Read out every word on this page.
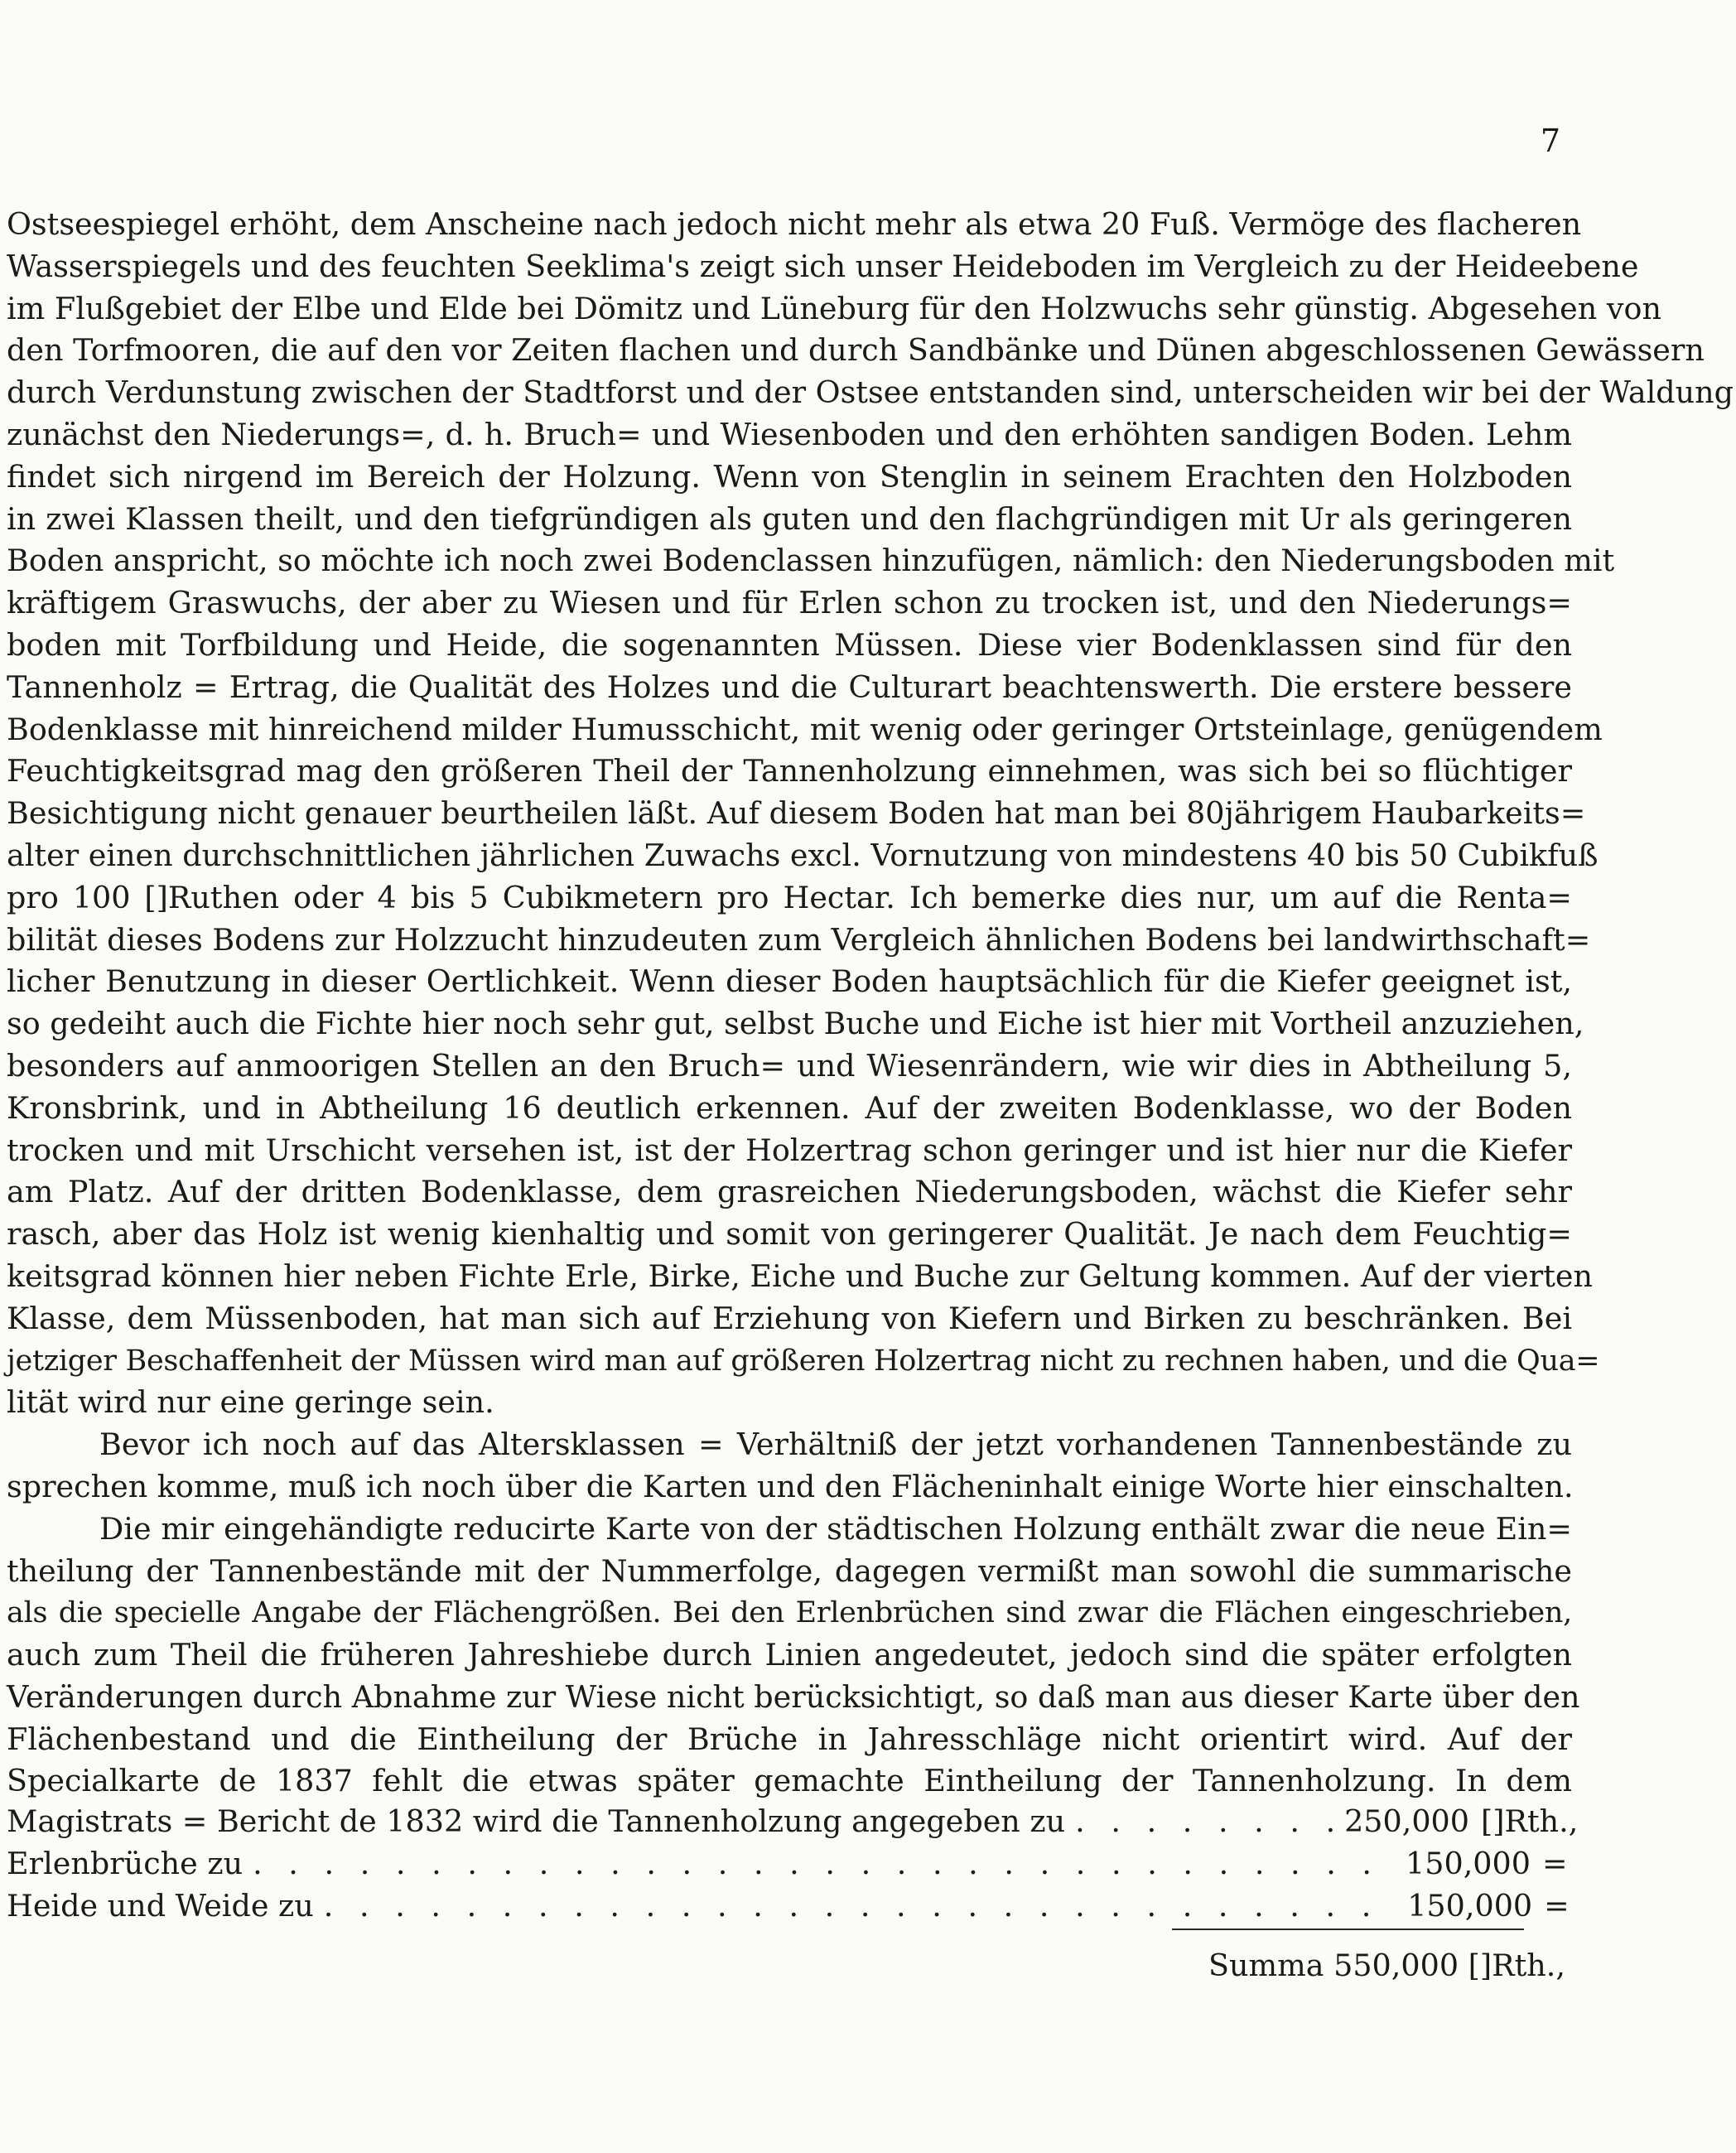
7
Ostseespiegel erhöht, dem Anscheine nach jedoch nicht mehr als etwa 20 Fuß. Vermöge des flacheren
Wasserspiegels und des feuchten Seeklima's zeigt sich unser Heideboden im Vergleich zu der Heideebene
im Flußgebiet der Elbe und Elde bei Dömitz und Lüneburg für den Holzwuchs sehr günstig. Abgesehen von
den Torfmooren, die auf den vor Zeiten flachen und durch Sandbänke und Dünen abgeschlossenen Gewässern
durch Verdunstung zwischen der Stadtforst und der Ostsee entstanden sind, unterscheiden wir bei der Waldung
zunächst den Niederungs=, d. h. Bruch= und Wiesenboden und den erhöhten sandigen Boden. Lehm
findet sich nirgend im Bereich der Holzung. Wenn von Stenglin in seinem Erachten den Holzboden
in zwei Klassen theilt, und den tiefgründigen als guten und den flachgründigen mit Ur als geringeren
Boden anspricht, so möchte ich noch zwei Bodenclassen hinzufügen, nämlich: den Niederungsboden mit
kräftigem Graswuchs, der aber zu Wiesen und für Erlen schon zu trocken ist, und den Niederungs=
boden mit Torfbildung und Heide, die sogenannten Müssen. Diese vier Bodenklassen sind für den
Tannenholz = Ertrag, die Qualität des Holzes und die Culturart beachtenswerth. Die erstere bessere
Bodenklasse mit hinreichend milder Humusschicht, mit wenig oder geringer Ortsteinlage, genügendem
Feuchtigkeitsgrad mag den größeren Theil der Tannenholzung einnehmen, was sich bei so flüchtiger
Besichtigung nicht genauer beurtheilen läßt. Auf diesem Boden hat man bei 80jährigem Haubarkeits=
alter einen durchschnittlichen jährlichen Zuwachs excl. Vornutzung von mindestens 40 bis 50 Cubikfuß
pro 100 []Ruthen oder 4 bis 5 Cubikmetern pro Hectar. Ich bemerke dies nur, um auf die Renta=
bilität dieses Bodens zur Holzzucht hinzudeuten zum Vergleich ähnlichen Bodens bei landwirthschaft=
licher Benutzung in dieser Oertlichkeit. Wenn dieser Boden hauptsächlich für die Kiefer geeignet ist,
so gedeiht auch die Fichte hier noch sehr gut, selbst Buche und Eiche ist hier mit Vortheil anzuziehen,
besonders auf anmoorigen Stellen an den Bruch= und Wiesenrändern, wie wir dies in Abtheilung 5,
Kronsbrink, und in Abtheilung 16 deutlich erkennen. Auf der zweiten Bodenklasse, wo der Boden
trocken und mit Urschicht versehen ist, ist der Holzertrag schon geringer und ist hier nur die Kiefer
am Platz. Auf der dritten Bodenklasse, dem grasreichen Niederungsboden, wächst die Kiefer sehr
rasch, aber das Holz ist wenig kienhaltig und somit von geringerer Qualität. Je nach dem Feuchtig=
keitsgrad können hier neben Fichte Erle, Birke, Eiche und Buche zur Geltung kommen. Auf der vierten
Klasse, dem Müssenboden, hat man sich auf Erziehung von Kiefern und Birken zu beschränken. Bei
jetziger Beschaffenheit der Müssen wird man auf größeren Holzertrag nicht zu rechnen haben, und die Qua=
lität wird nur eine geringe sein.
Bevor ich noch auf das Altersklassen = Verhältniß der jetzt vorhandenen Tannenbestände zu
sprechen komme, muß ich noch über die Karten und den Flächeninhalt einige Worte hier einschalten.
Die mir eingehändigte reducirte Karte von der städtischen Holzung enthält zwar die neue Ein=
theilung der Tannenbestände mit der Nummerfolge, dagegen vermißt man sowohl die summarische
als die specielle Angabe der Flächengrößen. Bei den Erlenbrüchen sind zwar die Flächen eingeschrieben,
auch zum Theil die früheren Jahreshiebe durch Linien angedeutet, jedoch sind die später erfolgten
Veränderungen durch Abnahme zur Wiese nicht berücksichtigt, so daß man aus dieser Karte über den
Flächenbestand und die Eintheilung der Brüche in Jahresschläge nicht orientirt wird. Auf der
Specialkarte de 1837 fehlt die etwas später gemachte Eintheilung der Tannenholzung. In dem
Magistrats = Bericht de 1832 wird die Tannenholzung angegeben zu . . .	250,000 []Rth.,
Erlenbrüche zu . . .	150,000 =
Heide und Weide zu . . .	150,000 =
Summa 550,000 []Rth.,
